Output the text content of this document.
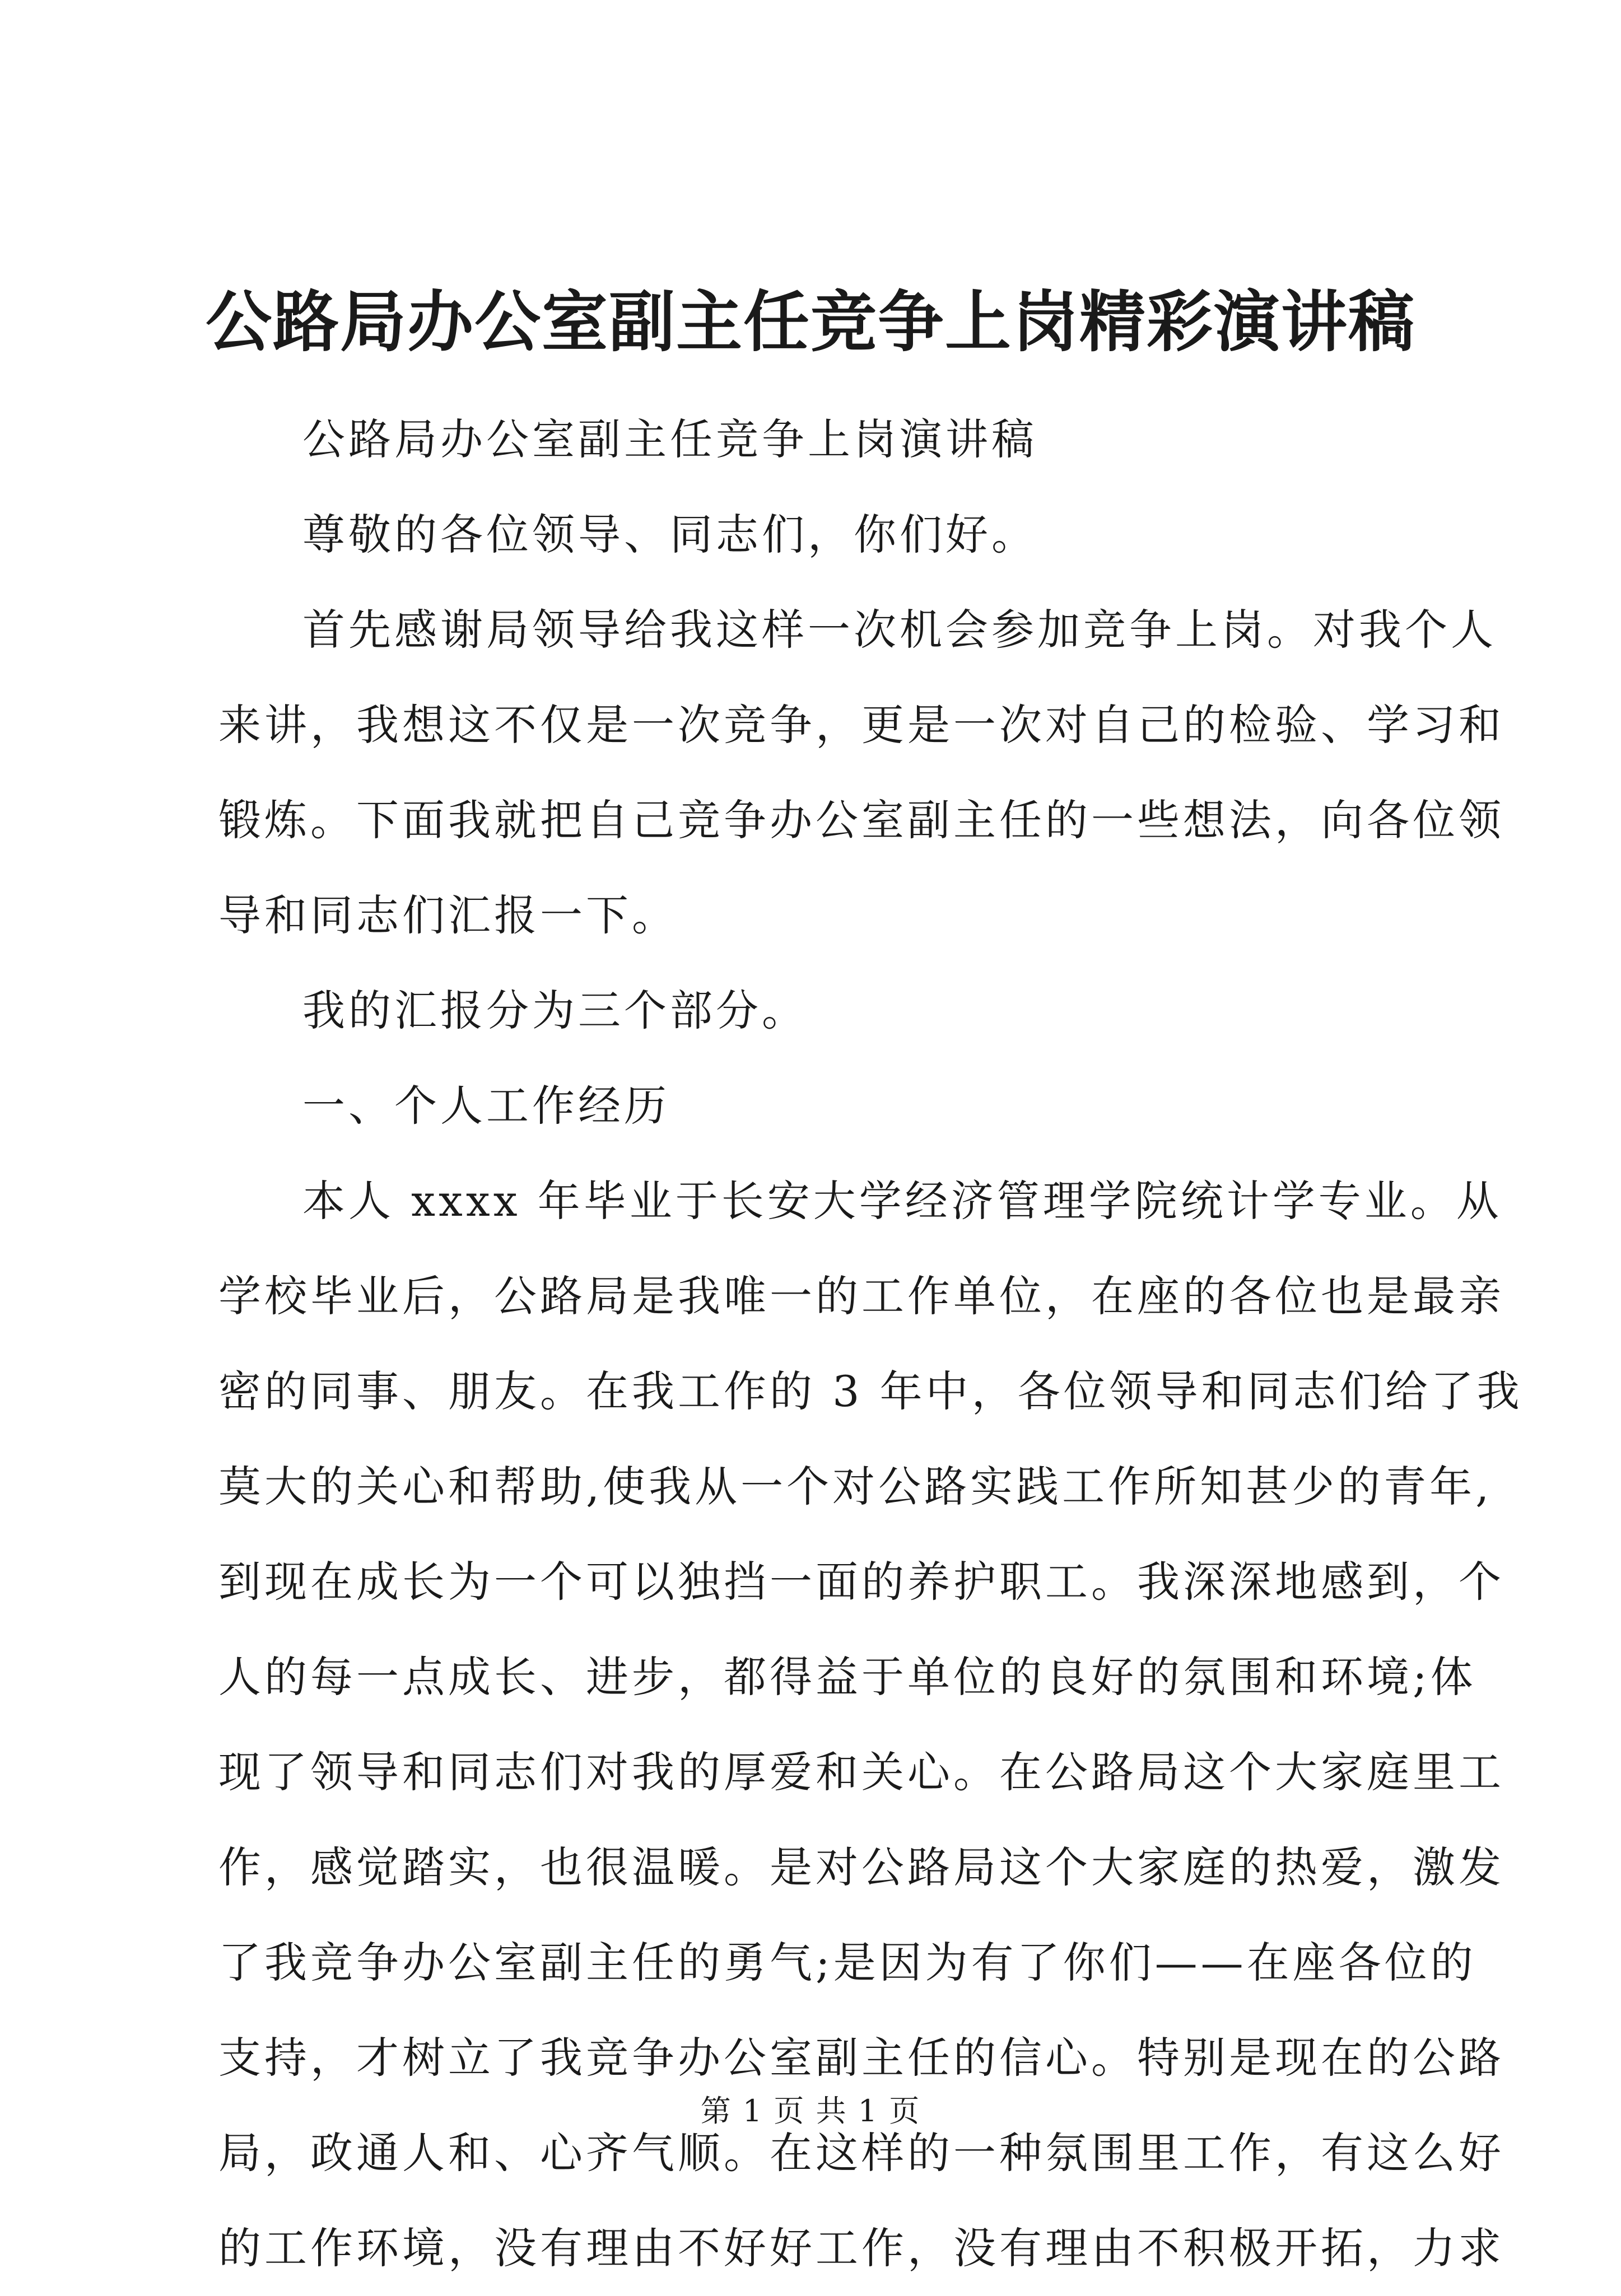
公路局办公室副主任竞争上岗精彩演讲稿
公路局办公室副主任竞争上岗演讲稿
尊敬的各位领导、同志们，你们好。
首先感谢局领导给我这样一次机会参加竞争上岗。对我个人
来讲，我想这不仅是一次竞争，更是一次对自己的检验、学习和
锻炼。下面我就把自己竞争办公室副主任的一些想法，向各位领
导和同志们汇报一下。
我的汇报分为三个部分。
一、个人工作经历
本人 xxxx 年毕业于长安大学经济管理学院统计学专业。从
学校毕业后，公路局是我唯一的工作单位，在座的各位也是最亲
密的同事、朋友。在我工作的 3 年中，各位领导和同志们给了我
莫大的关心和帮助,使我从一个对公路实践工作所知甚少的青年,
到现在成长为一个可以独挡一面的养护职工。我深深地感到，个
人的每一点成长、进步，都得益于单位的良好的氛围和环境;体
现了领导和同志们对我的厚爱和关心。在公路局这个大家庭里工
作，感觉踏实，也很温暖。是对公路局这个大家庭的热爱，激发
了我竞争办公室副主任的勇气;是因为有了你们——在座各位的
支持，才树立了我竞争办公室副主任的信心。特别是现在的公路
局，政通人和、心齐气顺。在这样的一种氛围里工作，有这么好
的工作环境，没有理由不好好工作，没有理由不积极开拓，力求
第 1 页 共 1 页
